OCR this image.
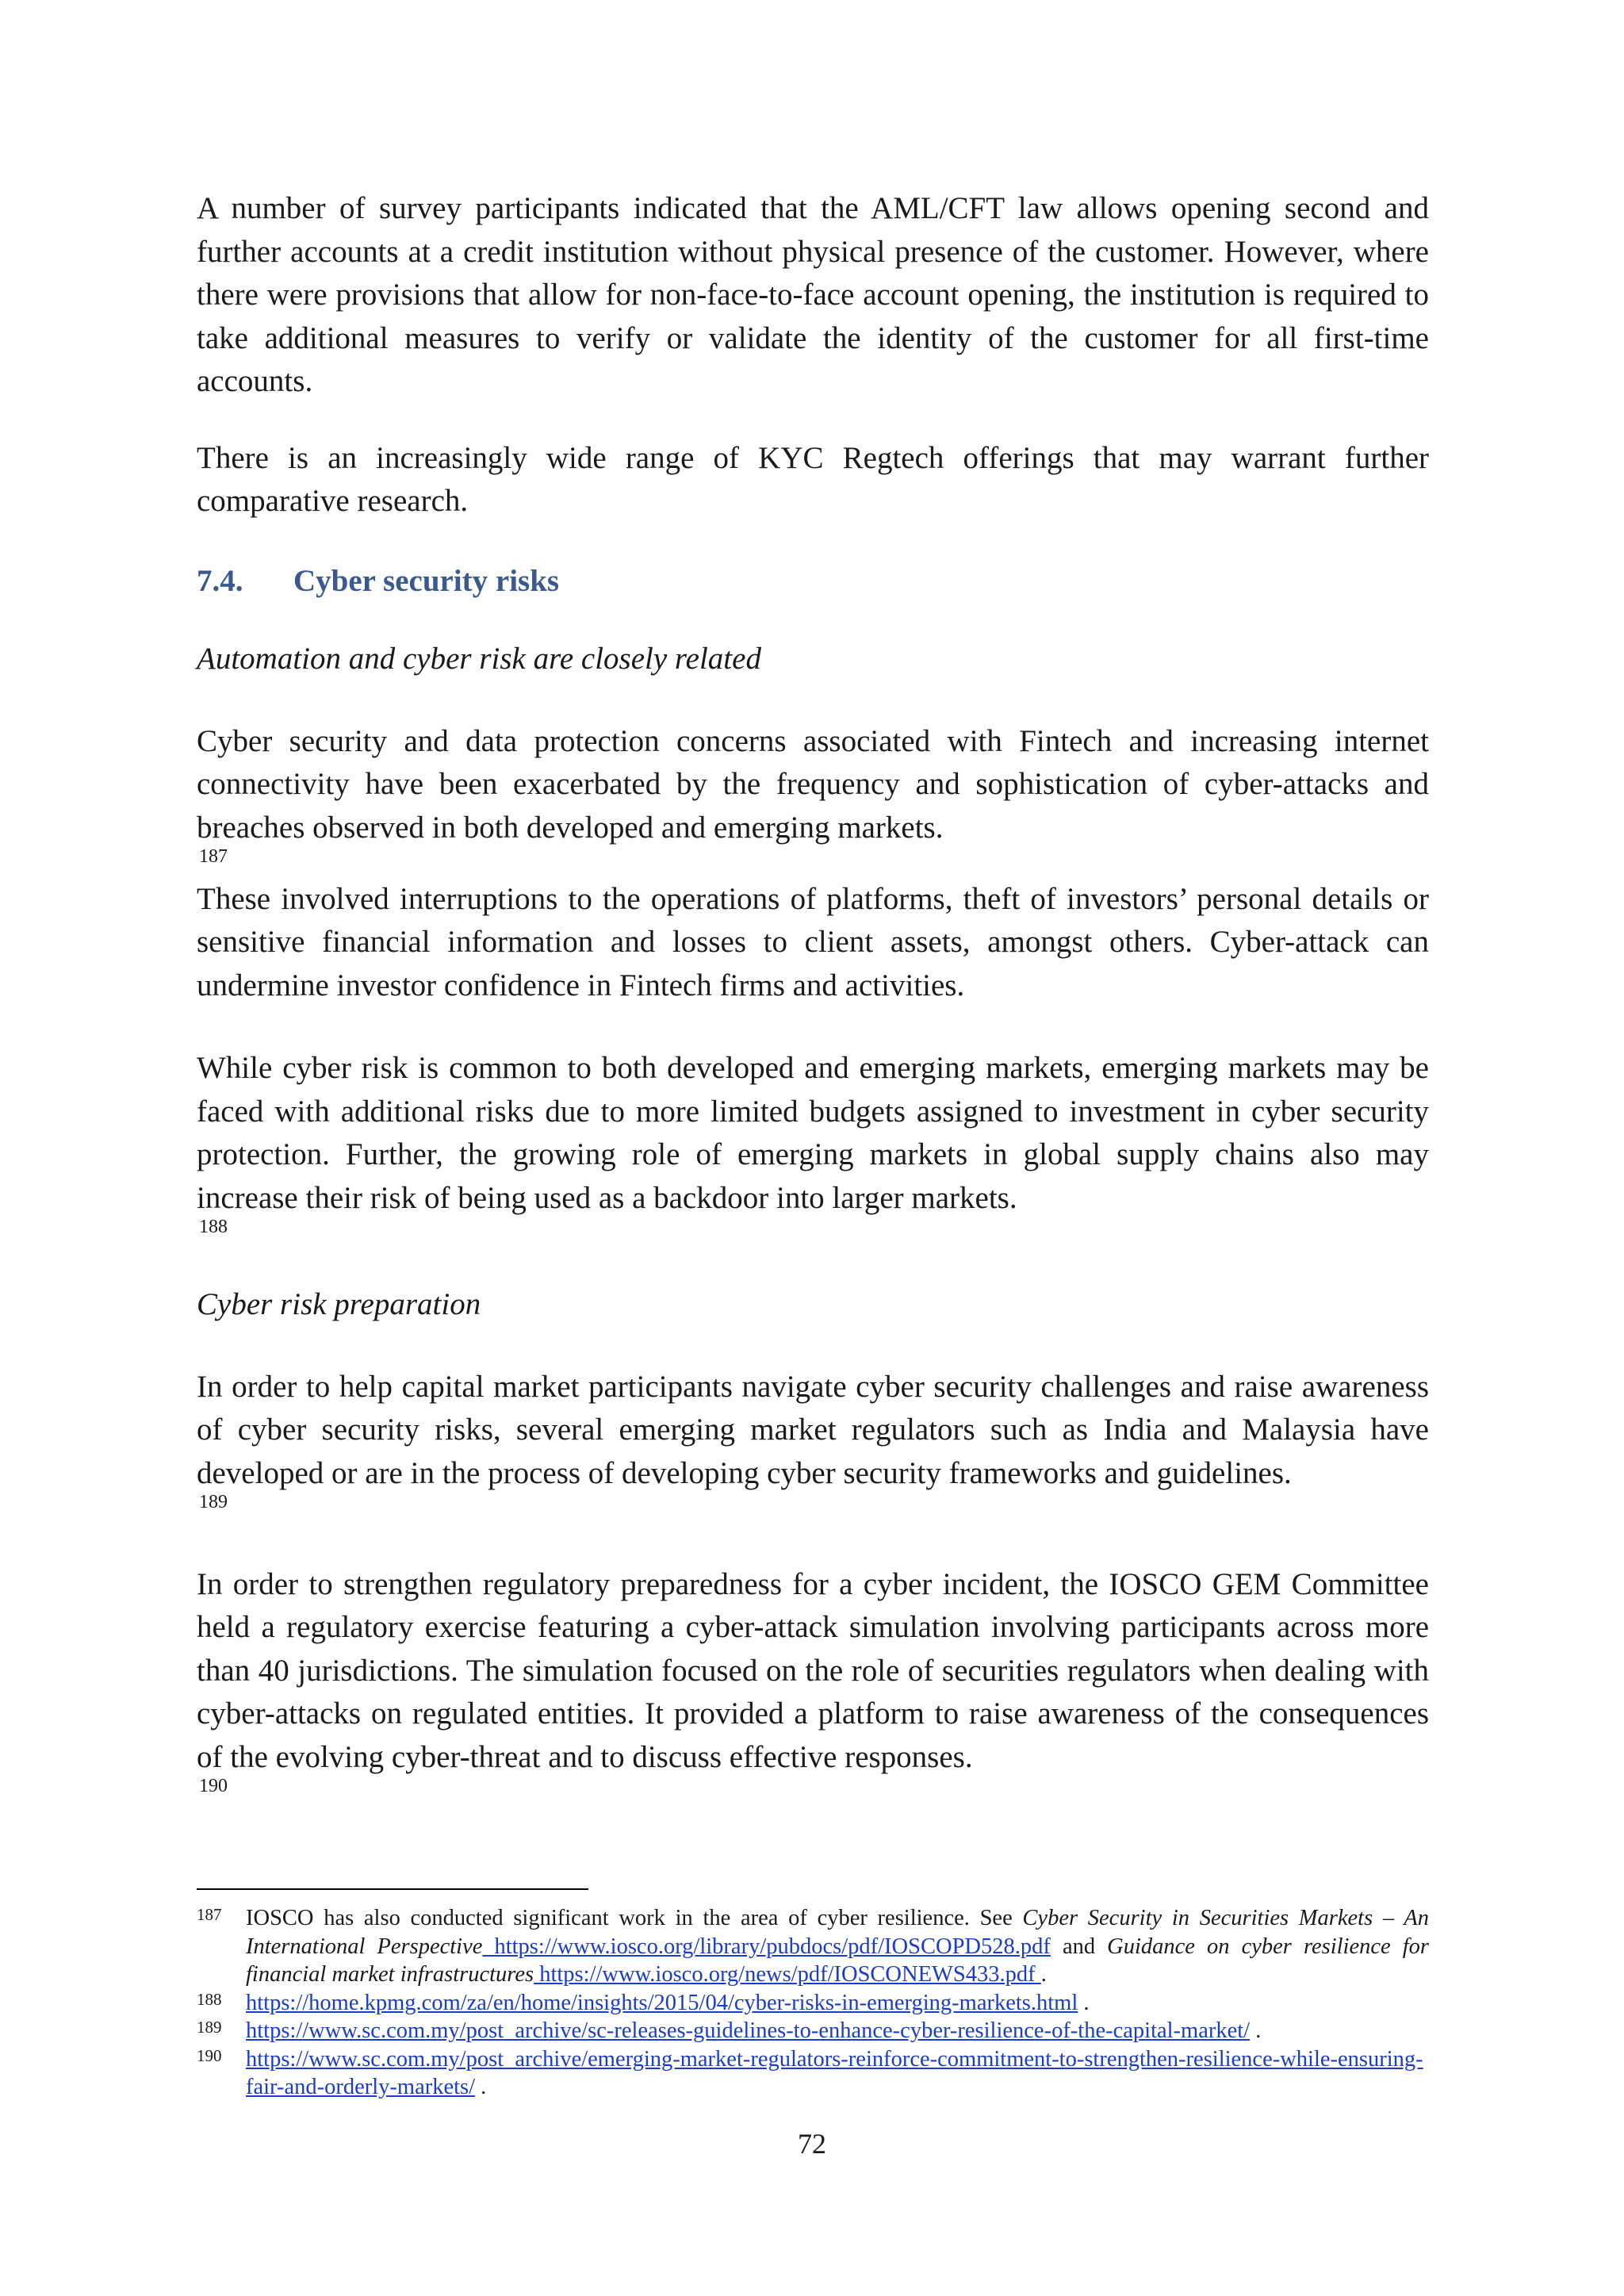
A number of survey participants indicated that the AML/CFT law allows opening second and further accounts at a credit institution without physical presence of the customer. However, where there were provisions that allow for non-face-to-face account opening, the institution is required to take additional measures to verify or validate the identity of the customer for all first-time accounts.

There is an increasingly wide range of KYC Regtech offerings that may warrant further comparative research.

7.4.	Cyber security risks

Automation and cyber risk are closely related

Cyber security and data protection concerns associated with Fintech and increasing internet connectivity have been exacerbated by the frequency and sophistication of cyber-attacks and breaches observed in both developed and emerging markets.
$^{187}$
These involved interruptions to the operations of platforms, theft of investors’ personal details or sensitive financial information and losses to client assets, amongst others. Cyber-attack can undermine investor confidence in Fintech firms and activities.

While cyber risk is common to both developed and emerging markets, emerging markets may be faced with additional risks due to more limited budgets assigned to investment in cyber security protection. Further, the growing role of emerging markets in global supply chains also may increase their risk of being used as a backdoor into larger markets.
$^{188}$

Cyber risk preparation

In order to help capital market participants navigate cyber security challenges and raise awareness of cyber security risks, several emerging market regulators such as India and Malaysia have developed or are in the process of developing cyber security frameworks and guidelines.
$^{189}$

In order to strengthen regulatory preparedness for a cyber incident, the IOSCO GEM Committee held a regulatory exercise featuring a cyber-attack simulation involving participants across more than 40 jurisdictions. The simulation focused on the role of securities regulators when dealing with cyber-attacks on regulated entities. It provided a platform to raise awareness of the consequences of the evolving cyber-threat and to discuss effective responses.
$^{190}$

187	IOSCO has also conducted significant work in the area of cyber resilience. See Cyber Security in Securities Markets – An International Perspective https://www.iosco.org/library/pubdocs/pdf/IOSCOPD528.pdf and Guidance on cyber resilience for financial market infrastructures https://www.iosco.org/news/pdf/IOSCONEWS433.pdf .
188	https://home.kpmg.com/za/en/home/insights/2015/04/cyber-risks-in-emerging-markets.html .
189	https://www.sc.com.my/post_archive/sc-releases-guidelines-to-enhance-cyber-resilience-of-the-capital-market/ .
190	https://www.sc.com.my/post_archive/emerging-market-regulators-reinforce-commitment-to-strengthen-resilience-while-ensuring-fair-and-orderly-markets/ .
72
